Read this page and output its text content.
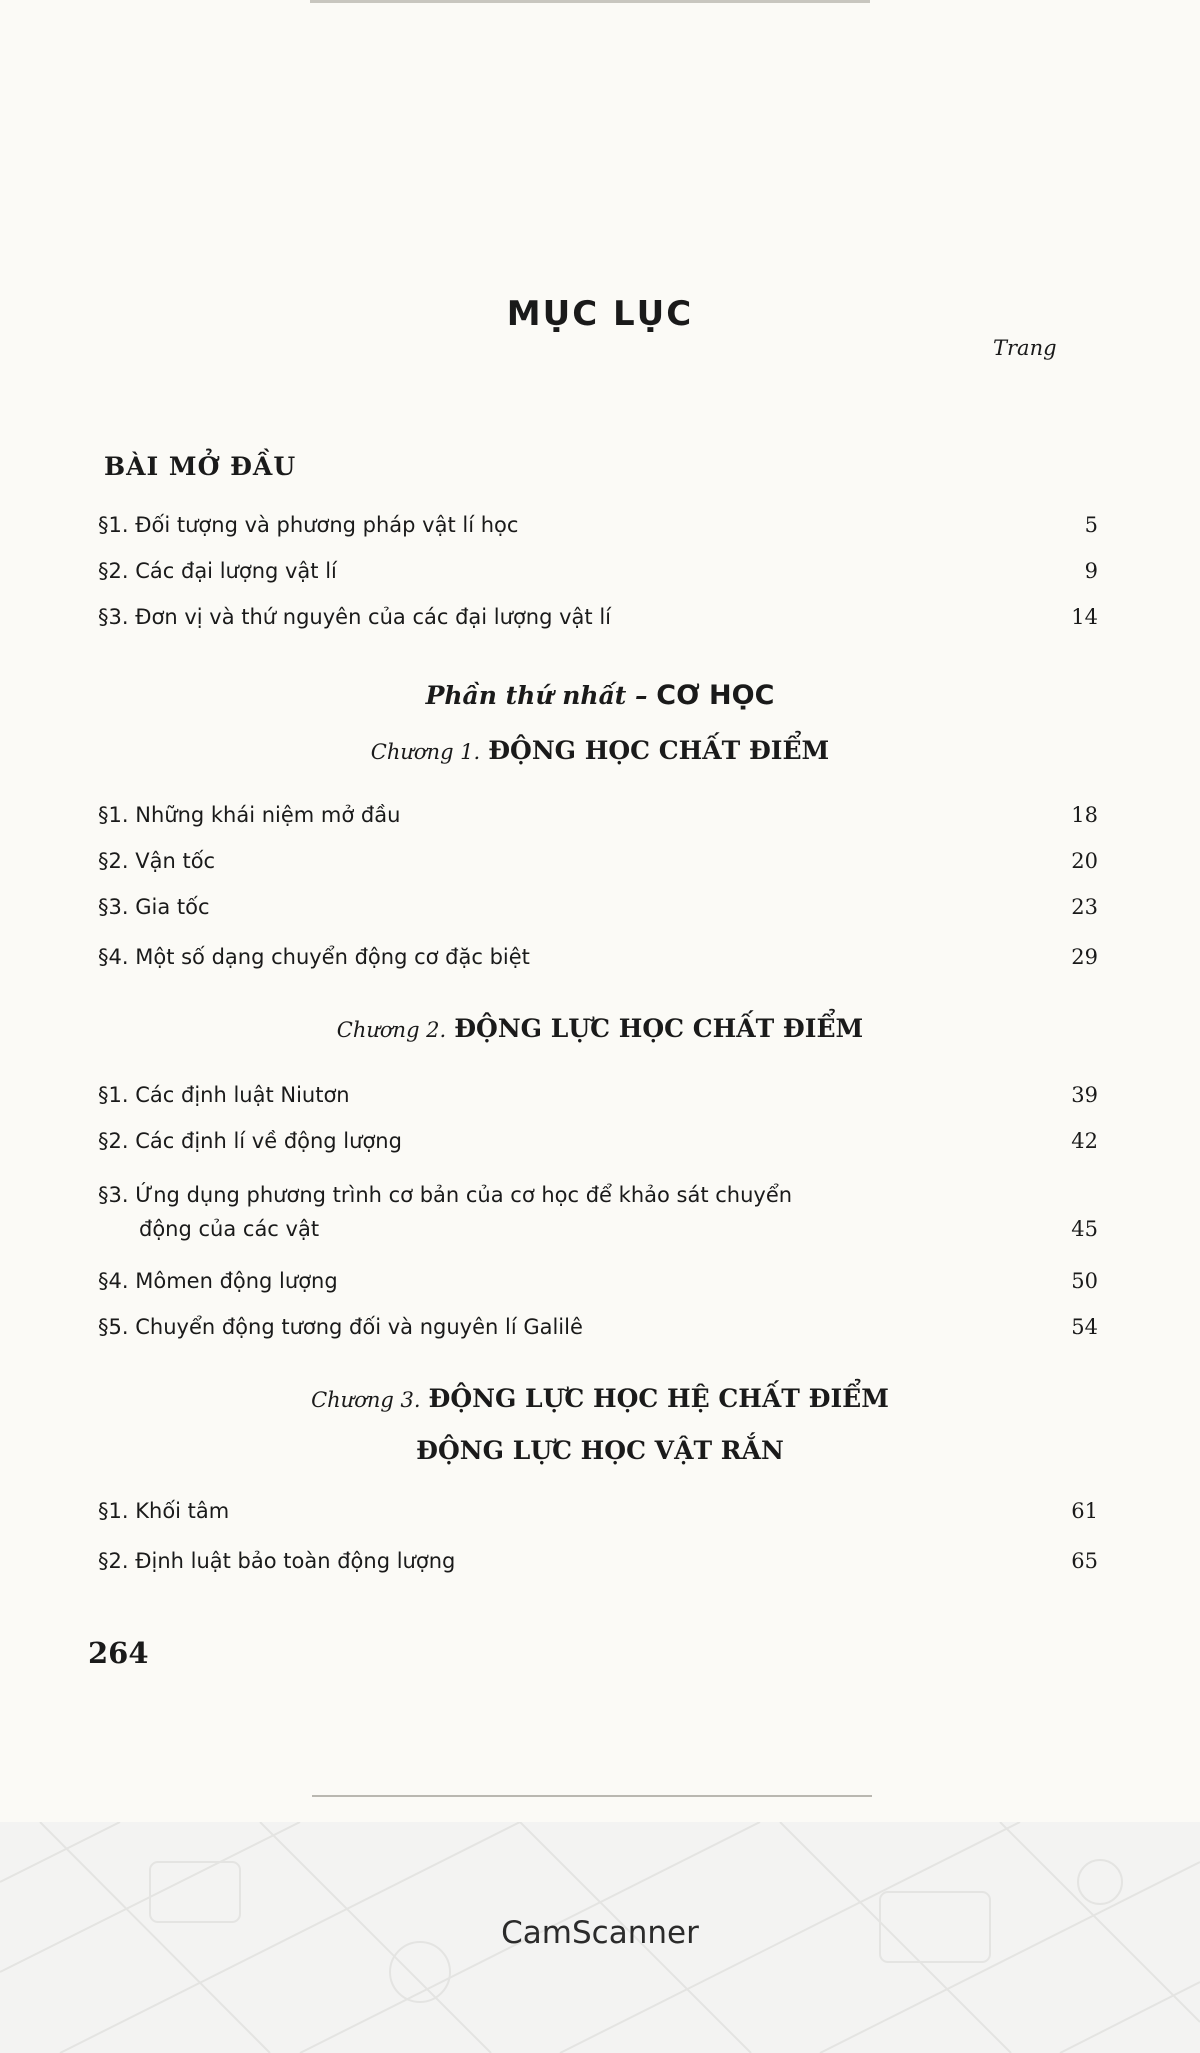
MỤC LỤC
Trang
BÀI MỞ ĐẦU
§1. Đối tượng và phương pháp vật lí học	5
§2. Các đại lượng vật lí	9
§3. Đơn vị và thứ nguyên của các đại lượng vật lí	14
Phần thứ nhất – CƠ HỌC
Chương 1. ĐỘNG HỌC CHẤT ĐIỂM
§1. Những khái niệm mở đầu	18
§2. Vận tốc	20
§3. Gia tốc	23
§4. Một số dạng chuyển động cơ đặc biệt	29
Chương 2. ĐỘNG LỰC HỌC CHẤT ĐIỂM
§1. Các định luật Niutơn	39
§2. Các định lí về động lượng	42
§3. Ứng dụng phương trình cơ bản của cơ học để khảo sát chuyển
động của các vật	45
§4. Mômen động lượng	50
§5. Chuyển động tương đối và nguyên lí Galilê	54
Chương 3. ĐỘNG LỰC HỌC HỆ CHẤT ĐIỂM
ĐỘNG LỰC HỌC VẬT RẮN
§1. Khối tâm	61
§2. Định luật bảo toàn động lượng	65
264
CamScanner
